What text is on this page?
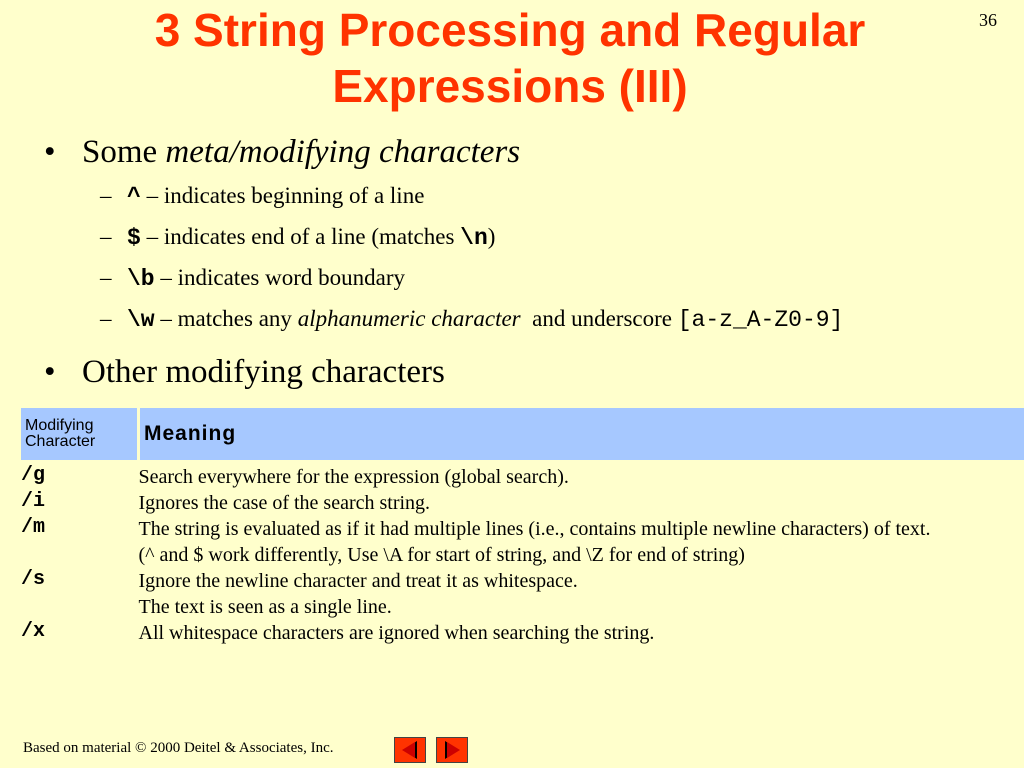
3 String Processing and Regular
Expressions (III)
36
• Some meta/modifying characters
– ^ – indicates beginning of a line
– $ – indicates end of a line (matches \n)
– \b – indicates word boundary
– \w – matches any alphanumeric character  and underscore [a-z_A-Z0-9]
• Other modifying characters
Modifying
Character	Meaning
/g	Search everywhere for the expression (global search).
/i	Ignores the case of the search string.
/m	The string is evaluated as if it had multiple lines (i.e., contains multiple newline characters) of text.
	(^ and $ work differently, Use \A for start of string, and \Z for end of string)
/s	Ignore the newline character and treat it as whitespace.
	The text is seen as a single line.
/x	All whitespace characters are ignored when searching the string.
Based on material © 2000 Deitel & Associates, Inc.
